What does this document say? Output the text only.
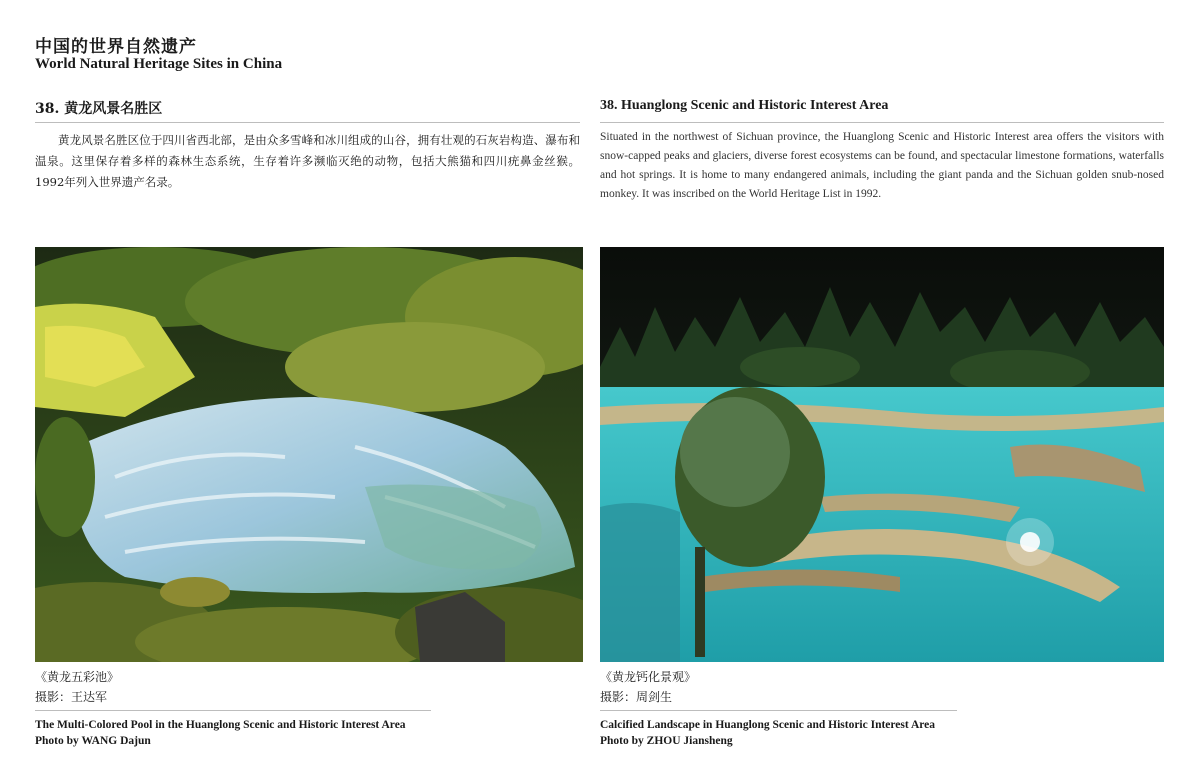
中国的世界自然遗产
World Natural Heritage Sites in China
38. 黄龙风景名胜区	38. Huanglong Scenic and Historic Interest Area
黄龙风景名胜区位于四川省西北部，是由众多雪峰和冰川组成的山谷，拥有壮观的石灰岩构造、瀑布和温泉。这里保存着多样的森林生态系统，生存着许多濒临灭绝的动物，包括大熊猫和四川疣鼻金丝猴。1992年列入世界遗产名录。
Situated in the northwest of Sichuan province, the Huanglong Scenic and Historic Interest area offers the visitors with snow-capped peaks and glaciers, diverse forest ecosystems can be found, and spectacular limestone formations, waterfalls and hot springs. It is home to many endangered animals, including the giant panda and the Sichuan golden snub-nosed monkey. It was inscribed on the World Heritage List in 1992.
《黄龙五彩池》
摄影：王达军
The Multi-Colored Pool in the Huanglong Scenic and Historic Interest Area
Photo by WANG Dajun
《黄龙钙化景观》
摄影：周剑生
Calcified Landscape in Huanglong Scenic and Historic Interest Area
Photo by ZHOU Jiansheng
